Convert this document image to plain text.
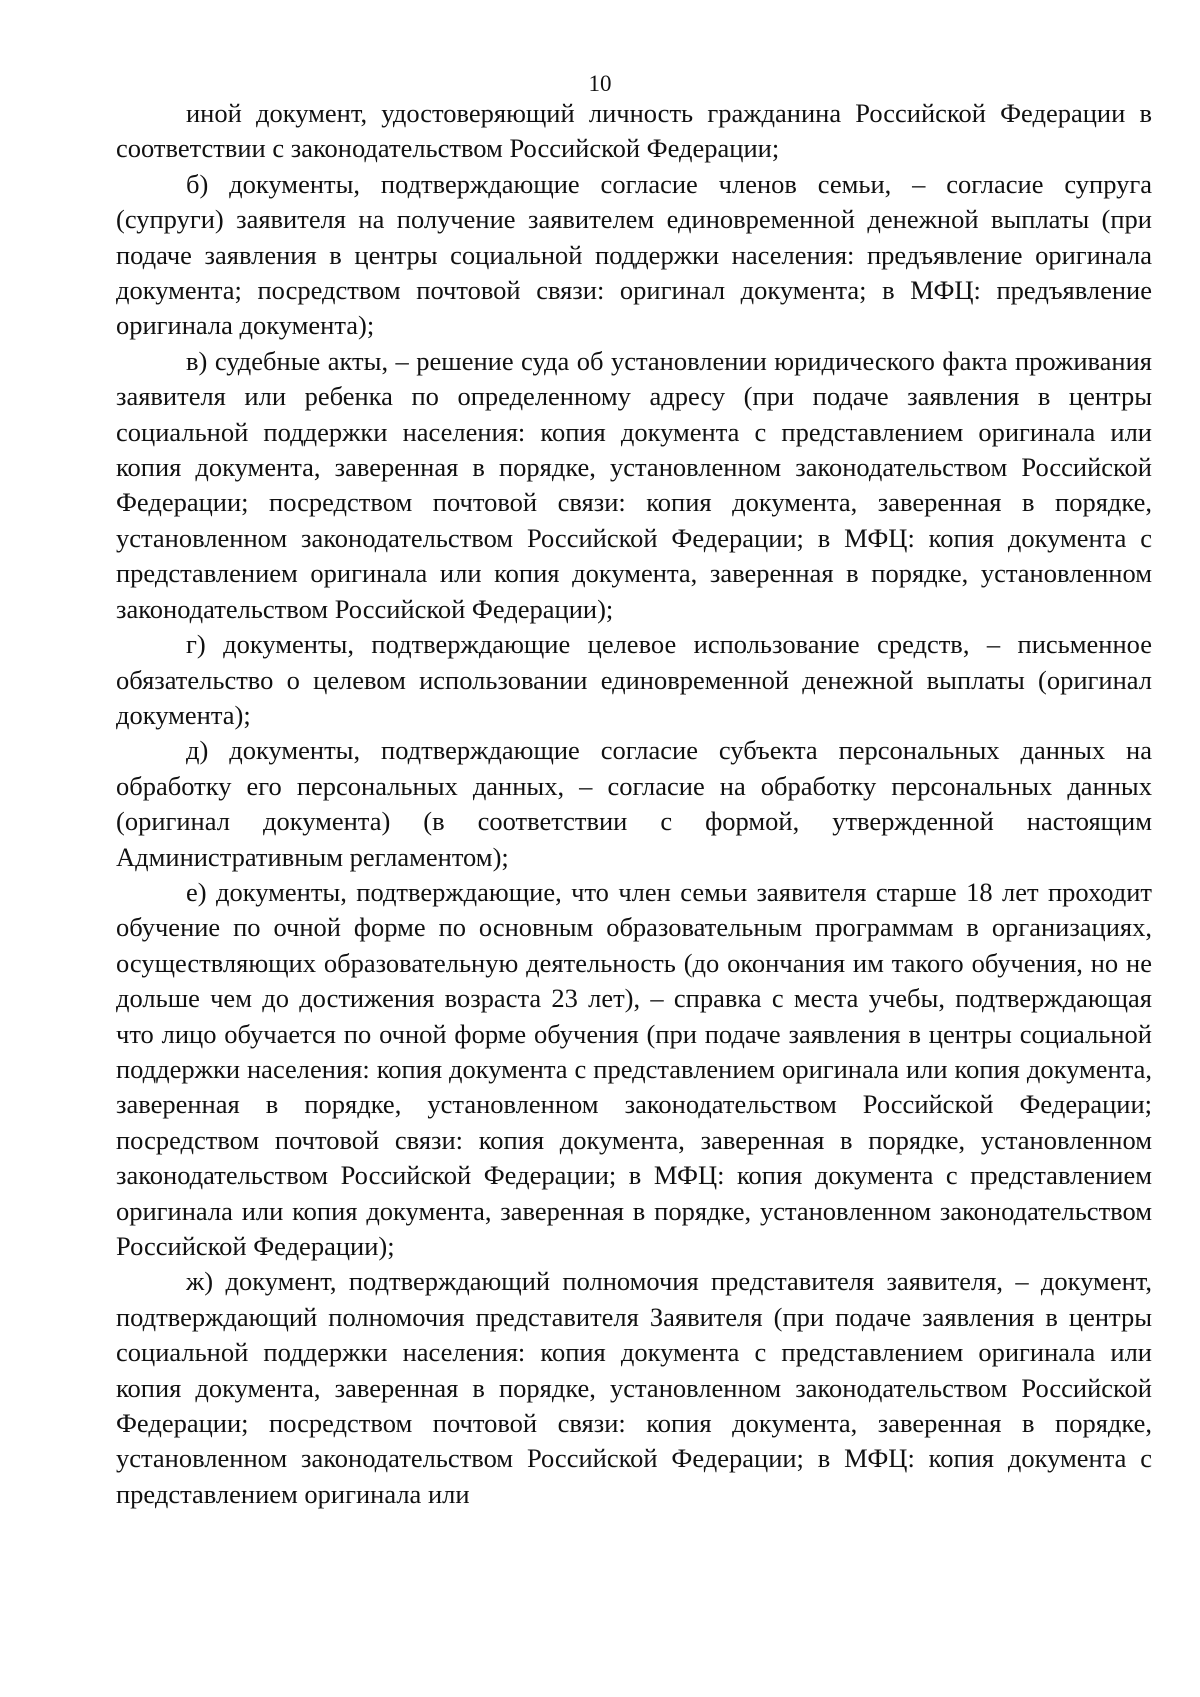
10

иной документ, удостоверяющий личность гражданина Российской Федерации в соответствии с законодательством Российской Федерации;

б) документы, подтверждающие согласие членов семьи, – согласие супруга (супруги) заявителя на получение заявителем единовременной денежной выплаты (при подаче заявления в центры социальной поддержки населения: предъявление оригинала документа; посредством почтовой связи: оригинал документа; в МФЦ: предъявление оригинала документа);

в) судебные акты, – решение суда об установлении юридического факта проживания заявителя или ребенка по определенному адресу (при подаче заявления в центры социальной поддержки населения: копия документа с представлением оригинала или копия документа, заверенная в порядке, установленном законодательством Российской Федерации; посредством почтовой связи: копия документа, заверенная в порядке, установленном законодательством Российской Федерации; в МФЦ: копия документа с представлением оригинала или копия документа, заверенная в порядке, установленном законодательством Российской Федерации);

г) документы, подтверждающие целевое использование средств, – письменное обязательство о целевом использовании единовременной денежной выплаты (оригинал документа);

д) документы, подтверждающие согласие субъекта персональных данных на обработку его персональных данных, – согласие на обработку персональных данных (оригинал документа) (в соответствии с формой, утвержденной настоящим Административным регламентом);

е) документы, подтверждающие, что член семьи заявителя старше 18 лет проходит обучение по очной форме по основным образовательным программам в организациях, осуществляющих образовательную деятельность (до окончания им такого обучения, но не дольше чем до достижения возраста 23 лет), – справка с места учебы, подтверждающая что лицо обучается по очной форме обучения (при подаче заявления в центры социальной поддержки населения: копия документа с представлением оригинала или копия документа, заверенная в порядке, установленном законодательством Российской Федерации; посредством почтовой связи: копия документа, заверенная в порядке, установленном законодательством Российской Федерации; в МФЦ: копия документа с представлением оригинала или копия документа, заверенная в порядке, установленном законодательством Российской Федерации);

ж) документ, подтверждающий полномочия представителя заявителя, – документ, подтверждающий полномочия представителя Заявителя (при подаче заявления в центры социальной поддержки населения: копия документа с представлением оригинала или копия документа, заверенная в порядке, установленном законодательством Российской Федерации; посредством почтовой связи: копия документа, заверенная в порядке, установленном законодательством Российской Федерации; в МФЦ: копия документа с представлением оригинала или
